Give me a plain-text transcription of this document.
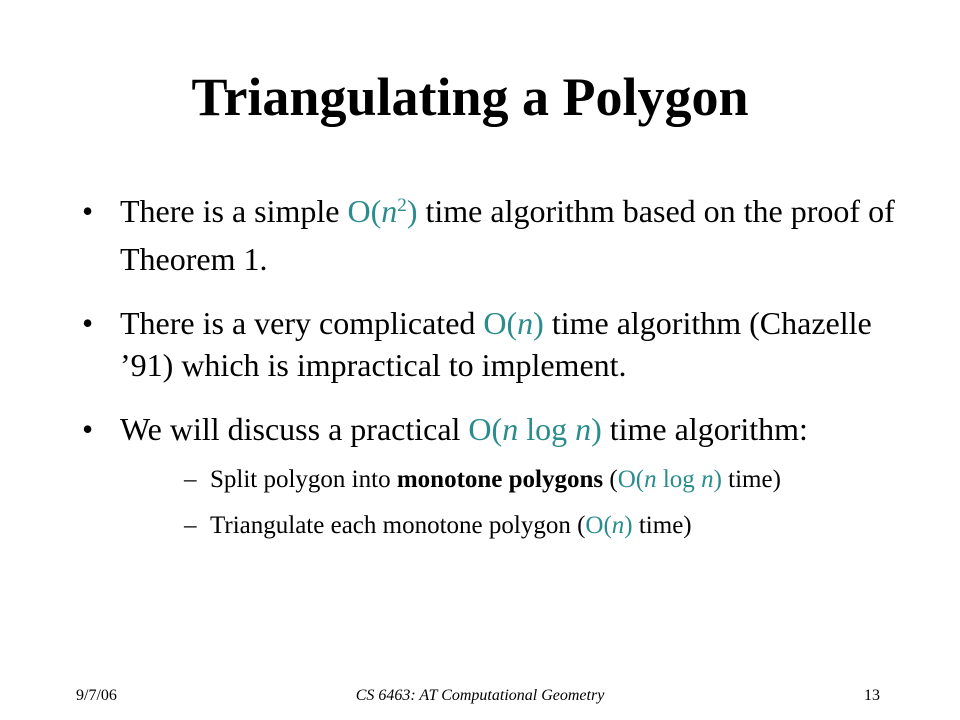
Triangulating a Polygon
• There is a simple $O(n^2)$ time algorithm based on the proof of Theorem 1.
• There is a very complicated O(n) time algorithm (Chazelle ’91) which is impractical to implement.
• We will discuss a practical O(n log n) time algorithm:
– Split polygon into monotone polygons (O(n log n) time)
– Triangulate each monotone polygon (O(n) time)
9/7/06	CS 6463: AT Computational Geometry	13
